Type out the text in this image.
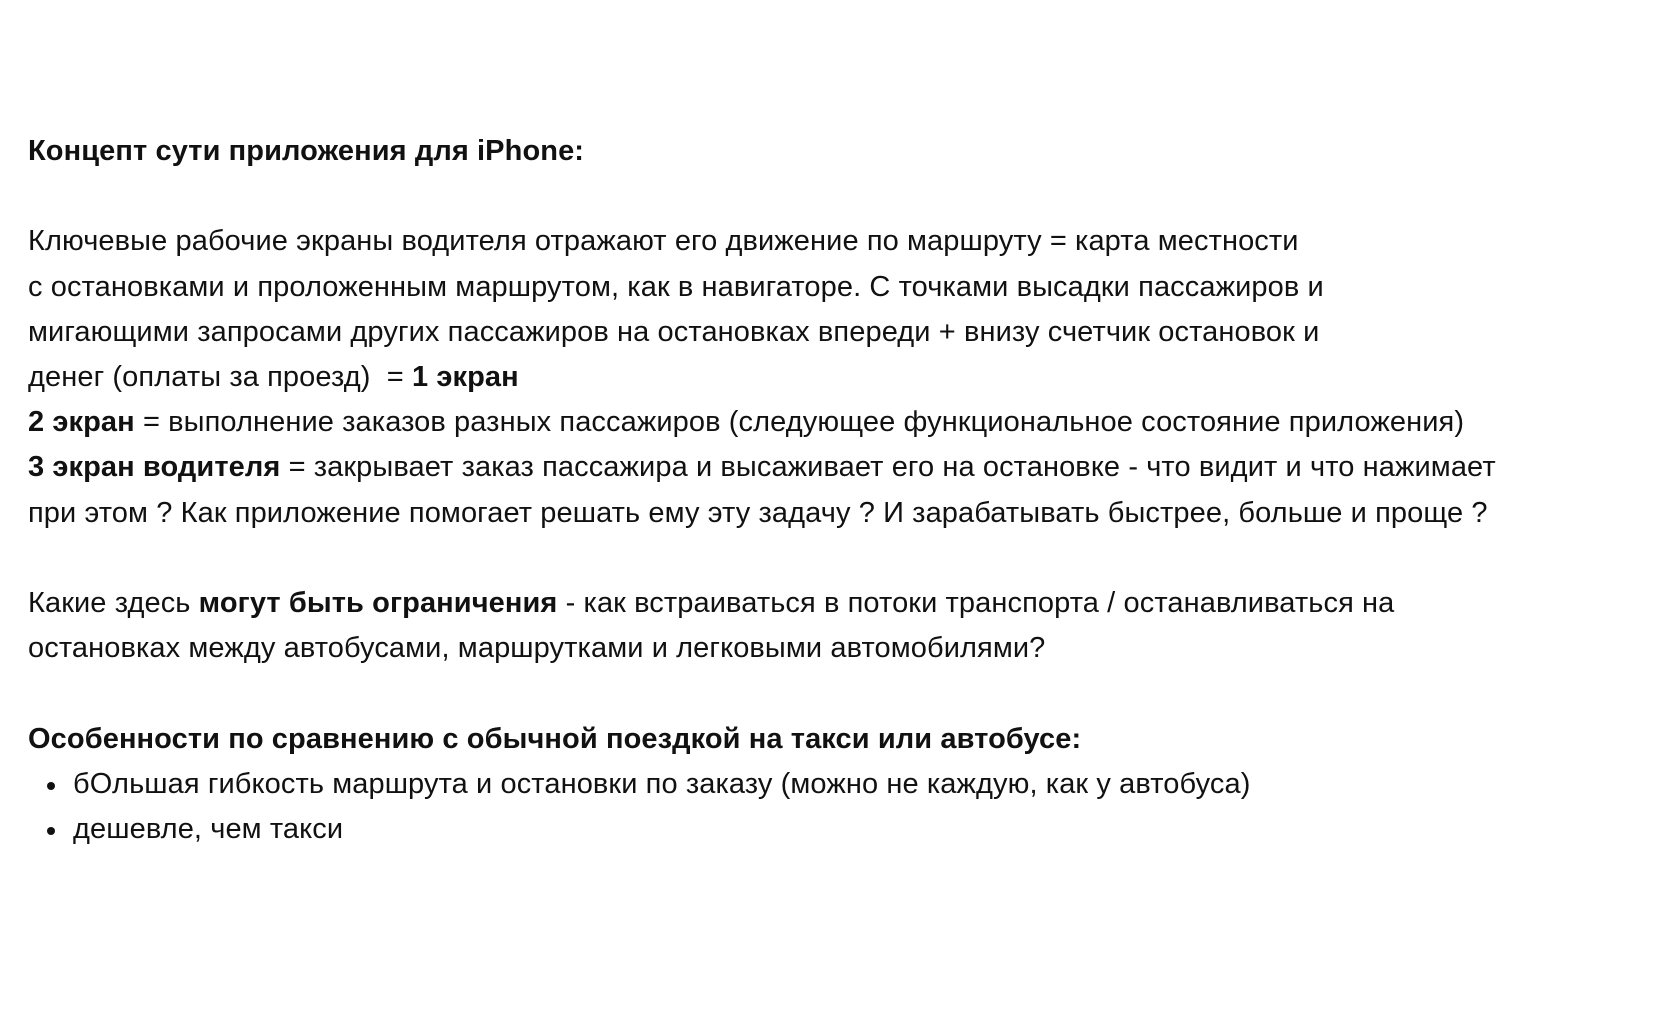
Концепт сути приложения для iPhone:
Ключевые рабочие экраны водителя отражают его движение по маршруту = карта местности
с остановками и проложенным маршрутом, как в навигаторе. С точками высадки пассажиров и
мигающими запросами других пассажиров на остановках впереди + внизу счетчик остановок и
денег (оплаты за проезд)  = 1 экран
2 экран = выполнение заказов разных пассажиров (следующее функциональное состояние приложения)
3 экран водителя = закрывает заказ пассажира и высаживает его на остановке - что видит и что нажимает
при этом ? Как приложение помогает решать ему эту задачу ? И зарабатывать быстрее, больше и проще ?
Какие здесь могут быть ограничения - как встраиваться в потоки транспорта / останавливаться на
остановках между автобусами, маршрутками и легковыми автомобилями?
Особенности по сравнению с обычной поездкой на такси или автобусе:
бОльшая гибкость маршрута и остановки по заказу (можно не каждую, как у автобуса)
дешевле, чем такси
